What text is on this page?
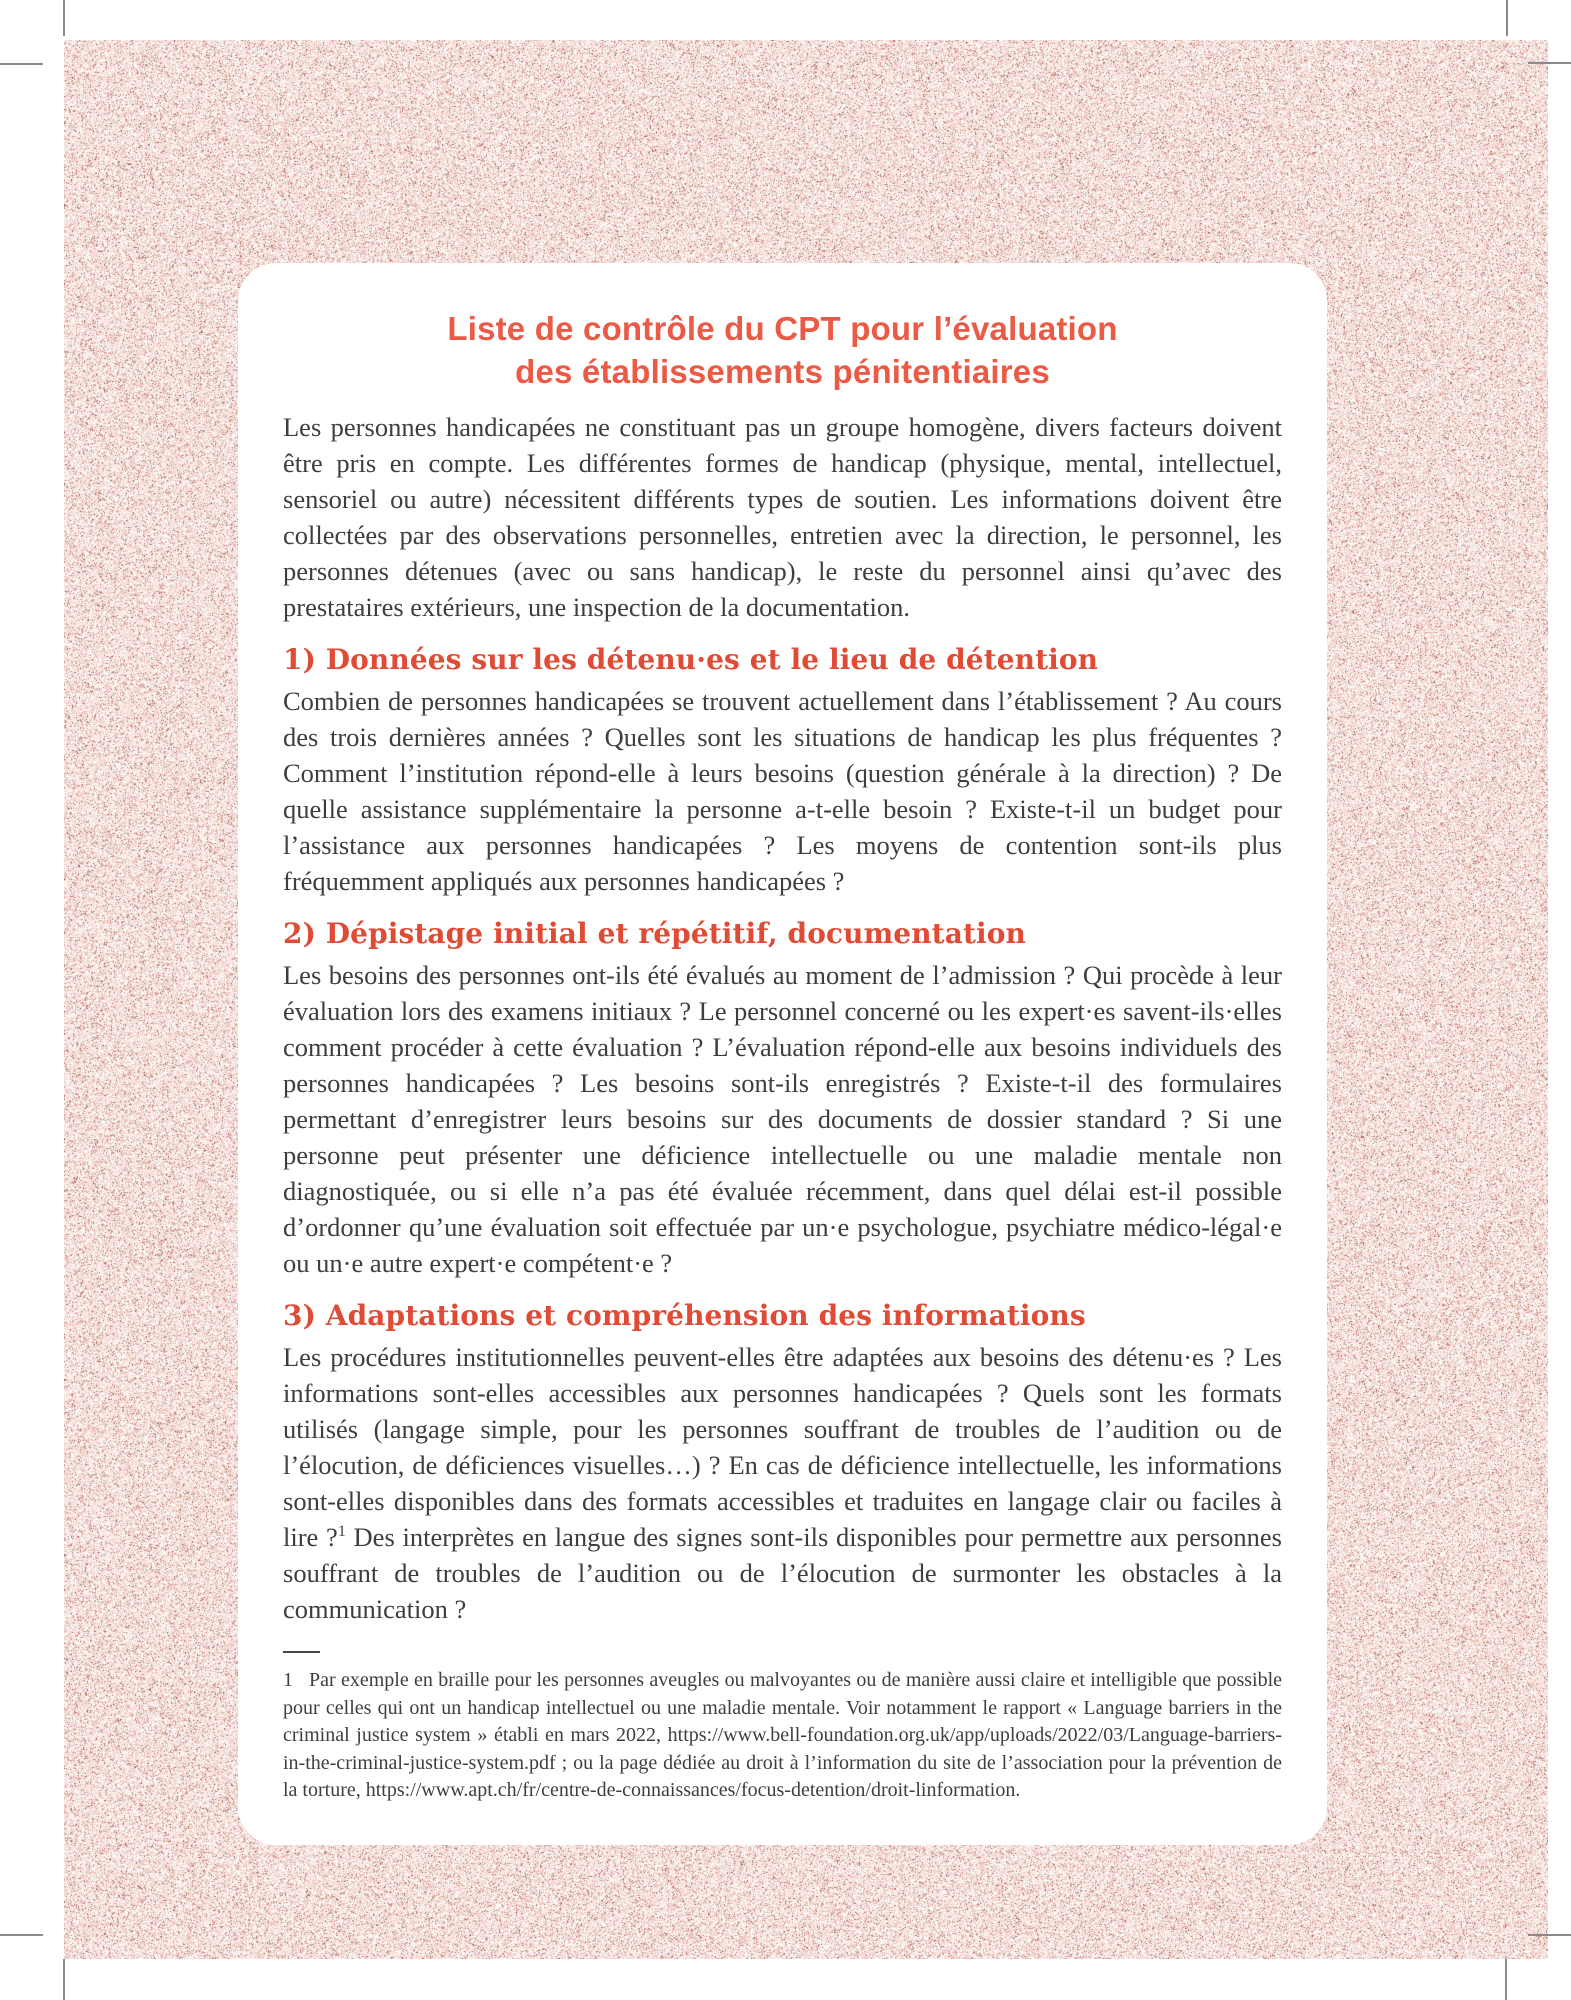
Liste de contrôle du CPT pour l’évaluation
des établissements pénitentiaires

Les personnes handicapées ne constituant pas un groupe homogène, divers facteurs doivent être pris en compte. Les différentes formes de handicap (physique, mental, intellectuel, sensoriel ou autre) nécessitent différents types de soutien. Les informations doivent être collectées par des observations personnelles, entretien avec la direction, le personnel, les personnes détenues (avec ou sans handicap), le reste du personnel ainsi qu’avec des prestataires extérieurs, une inspection de la documentation.

1) Données sur les détenu·es et le lieu de détention

Combien de personnes handicapées se trouvent actuellement dans l’établissement ? Au cours des trois dernières années ? Quelles sont les situations de handicap les plus fréquentes ? Comment l’institution répond-elle à leurs besoins (question générale à la direction) ? De quelle assistance supplémentaire la personne a-t-elle besoin ? Existe-t-il un budget pour l’assistance aux personnes handicapées ? Les moyens de contention sont-ils plus fréquemment appliqués aux personnes handicapées ?

2) Dépistage initial et répétitif, documentation

Les besoins des personnes ont-ils été évalués au moment de l’admission ? Qui procède à leur évaluation lors des examens initiaux ? Le personnel concerné ou les expert·es savent-ils·elles comment procéder à cette évaluation ? L’évaluation répond-elle aux besoins individuels des personnes handicapées ? Les besoins sont-ils enregistrés ? Existe-t-il des formulaires permettant d’enregistrer leurs besoins sur des documents de dossier standard ? Si une personne peut présenter une déficience intellectuelle ou une maladie mentale non diagnostiquée, ou si elle n’a pas été évaluée récemment, dans quel délai est-il possible d’ordonner qu’une évaluation soit effectuée par un·e psychologue, psychiatre médico-légal·e ou un·e autre expert·e compétent·e ?

3) Adaptations et compréhension des informations

Les procédures institutionnelles peuvent-elles être adaptées aux besoins des détenu·es ? Les informations sont-elles accessibles aux personnes handicapées ? Quels sont les formats utilisés (langage simple, pour les personnes souffrant de troubles de l’audition ou de l’élocution, de déficiences visuelles…) ? En cas de déficience intellectuelle, les informations sont-elles disponibles dans des formats accessibles et traduites en langage clair ou faciles à lire ?$^1$ Des interprètes en langue des signes sont-ils disponibles pour permettre aux personnes souffrant de troubles de l’audition ou de l’élocution de surmonter les obstacles à la communication ?

1 Par exemple en braille pour les personnes aveugles ou malvoyantes ou de manière aussi claire et intelligible que possible pour celles qui ont un handicap intellectuel ou une maladie mentale. Voir notamment le rapport « Language barriers in the criminal justice system » établi en mars 2022, https://www.bell-foundation.org.uk/app/uploads/2022/03/Language-barriers-in-the-criminal-justice-system.pdf ; ou la page dédiée au droit à l’information du site de l’association pour la prévention de la torture, https://www.apt.ch/fr/centre-de-connaissances/focus-detention/droit-linformation.
